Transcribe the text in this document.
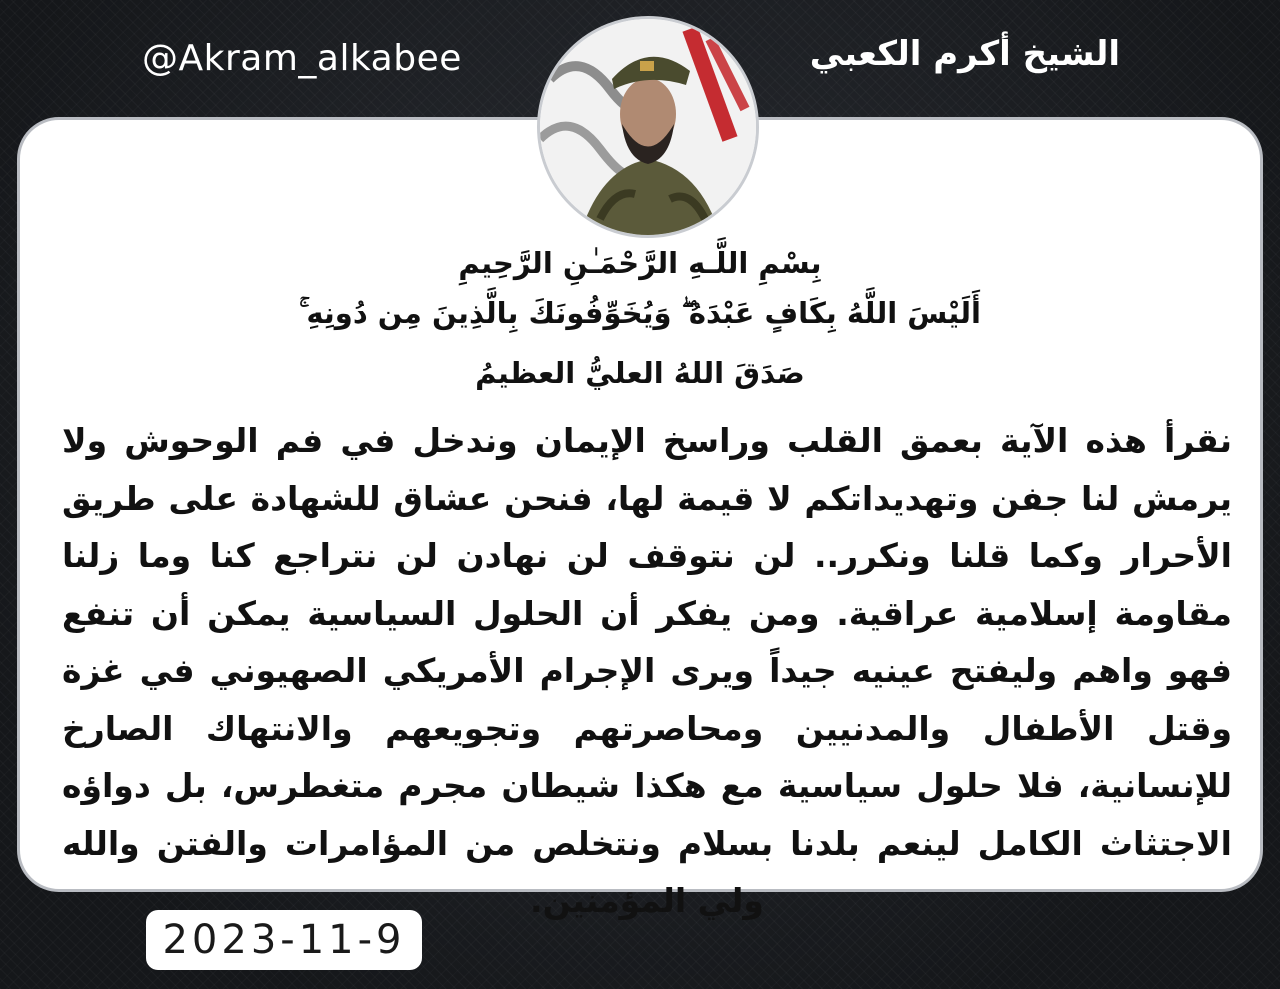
@Akram_alkabee	الشيخ أكرم الكعبي
بِسْمِ اللَّـهِ الرَّحْمَـٰنِ الرَّحِيمِ
أَلَيْسَ اللَّهُ بِكَافٍ عَبْدَهُ ۖ وَيُخَوِّفُونَكَ بِالَّذِينَ مِن دُونِهِ ۚ
صَدَقَ اللهُ العليُّ العظيمُ
نقرأ هذه الآية بعمق القلب وراسخ الإيمان وندخل في فم الوحوش ولا يرمش لنا جفن وتهديداتكم لا قيمة لها، فنحن عشاق للشهادة على طريق الأحرار وكما قلنا ونكرر.. لن نتوقف لن نهادن لن نتراجع كنا وما زلنا مقاومة إسلامية عراقية. ومن يفكر أن الحلول السياسية يمكن أن تنفع فهو واهم وليفتح عينيه جيداً ويرى الإجرام الأمريكي الصهيوني في غزة وقتل الأطفال والمدنيين ومحاصرتهم وتجويعهم والانتهاك الصارخ للإنسانية، فلا حلول سياسية مع هكذا شيطان مجرم متغطرس، بل دواؤه الاجتثاث الكامل لينعم بلدنا بسلام ونتخلص من المؤامرات والفتن والله ولي المؤمنين.
2023-11-9
